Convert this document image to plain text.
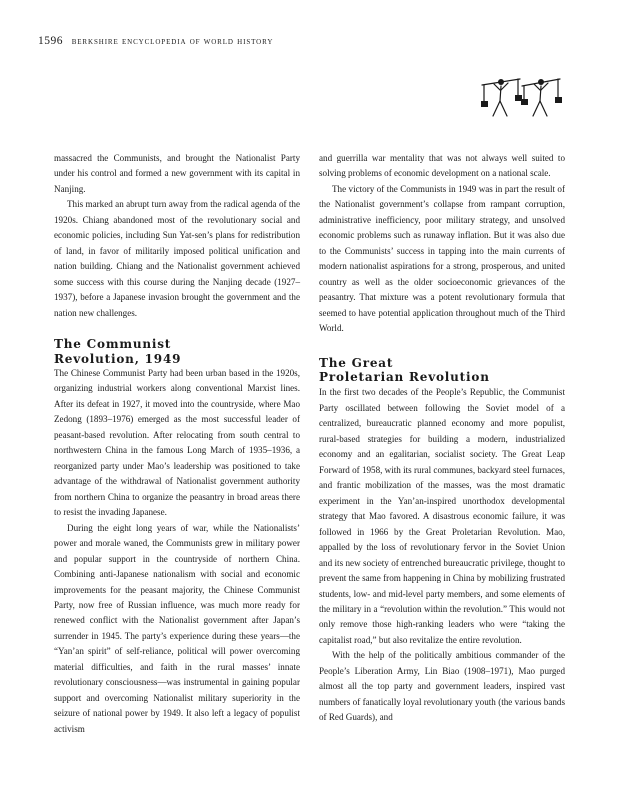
1596 berkshire encyclopedia of world history

massacred the Communists, and brought the Nationalist Party under his control and formed a new government with its capital in Nanjing.

This marked an abrupt turn away from the radical agenda of the 1920s. Chiang abandoned most of the revolutionary social and economic policies, including Sun Yat-sen’s plans for redistribution of land, in favor of militarily imposed political unification and nation building. Chiang and the Nationalist government achieved some success with this course during the Nanjing decade (1927–1937), before a Japanese invasion brought the government and the nation new challenges.

The Communist
Revolution, 1949

The Chinese Communist Party had been urban based in the 1920s, organizing industrial workers along conventional Marxist lines. After its defeat in 1927, it moved into the countryside, where Mao Zedong (1893–1976) emerged as the most successful leader of peasant-based revolution. After relocating from south central to northwestern China in the famous Long March of 1935–1936, a reorganized party under Mao’s leadership was positioned to take advantage of the withdrawal of Nationalist government authority from northern China to organize the peasantry in broad areas there to resist the invading Japanese.

During the eight long years of war, while the Nationalists’ power and morale waned, the Communists grew in military power and popular support in the countryside of northern China. Combining anti-Japanese nationalism with social and economic improvements for the peasant majority, the Chinese Communist Party, now free of Russian influence, was much more ready for renewed conflict with the Nationalist government after Japan’s surrender in 1945. The party’s experience during these years—the “Yan’an spirit” of self-reliance, political will power overcoming material difficulties, and faith in the rural masses’ innate revolutionary consciousness—was instrumental in gaining popular support and overcoming Nationalist military superiority in the seizure of national power by 1949. It also left a legacy of populist activism

and guerrilla war mentality that was not always well suited to solving problems of economic development on a national scale.

The victory of the Communists in 1949 was in part the result of the Nationalist government’s collapse from rampant corruption, administrative inefficiency, poor military strategy, and unsolved economic problems such as runaway inflation. But it was also due to the Communists’ success in tapping into the main currents of modern nationalist aspirations for a strong, prosperous, and united country as well as the older socioeconomic grievances of the peasantry. That mixture was a potent revolutionary formula that seemed to have potential application throughout much of the Third World.

The Great
Proletarian Revolution

In the first two decades of the People’s Republic, the Communist Party oscillated between following the Soviet model of a centralized, bureaucratic planned economy and more populist, rural-based strategies for building a modern, industrialized economy and an egalitarian, socialist society. The Great Leap Forward of 1958, with its rural communes, backyard steel furnaces, and frantic mobilization of the masses, was the most dramatic experiment in the Yan’an-inspired unorthodox developmental strategy that Mao favored. A disastrous economic failure, it was followed in 1966 by the Great Proletarian Revolution. Mao, appalled by the loss of revolutionary fervor in the Soviet Union and its new society of entrenched bureaucratic privilege, thought to prevent the same from happening in China by mobilizing frustrated students, low- and mid-level party members, and some elements of the military in a “revolution within the revolution.” This would not only remove those high-ranking leaders who were “taking the capitalist road,” but also revitalize the entire revolution.

With the help of the politically ambitious commander of the People’s Liberation Army, Lin Biao (1908–1971), Mao purged almost all the top party and government leaders, inspired vast numbers of fanatically loyal revolutionary youth (the various bands of Red Guards), and
